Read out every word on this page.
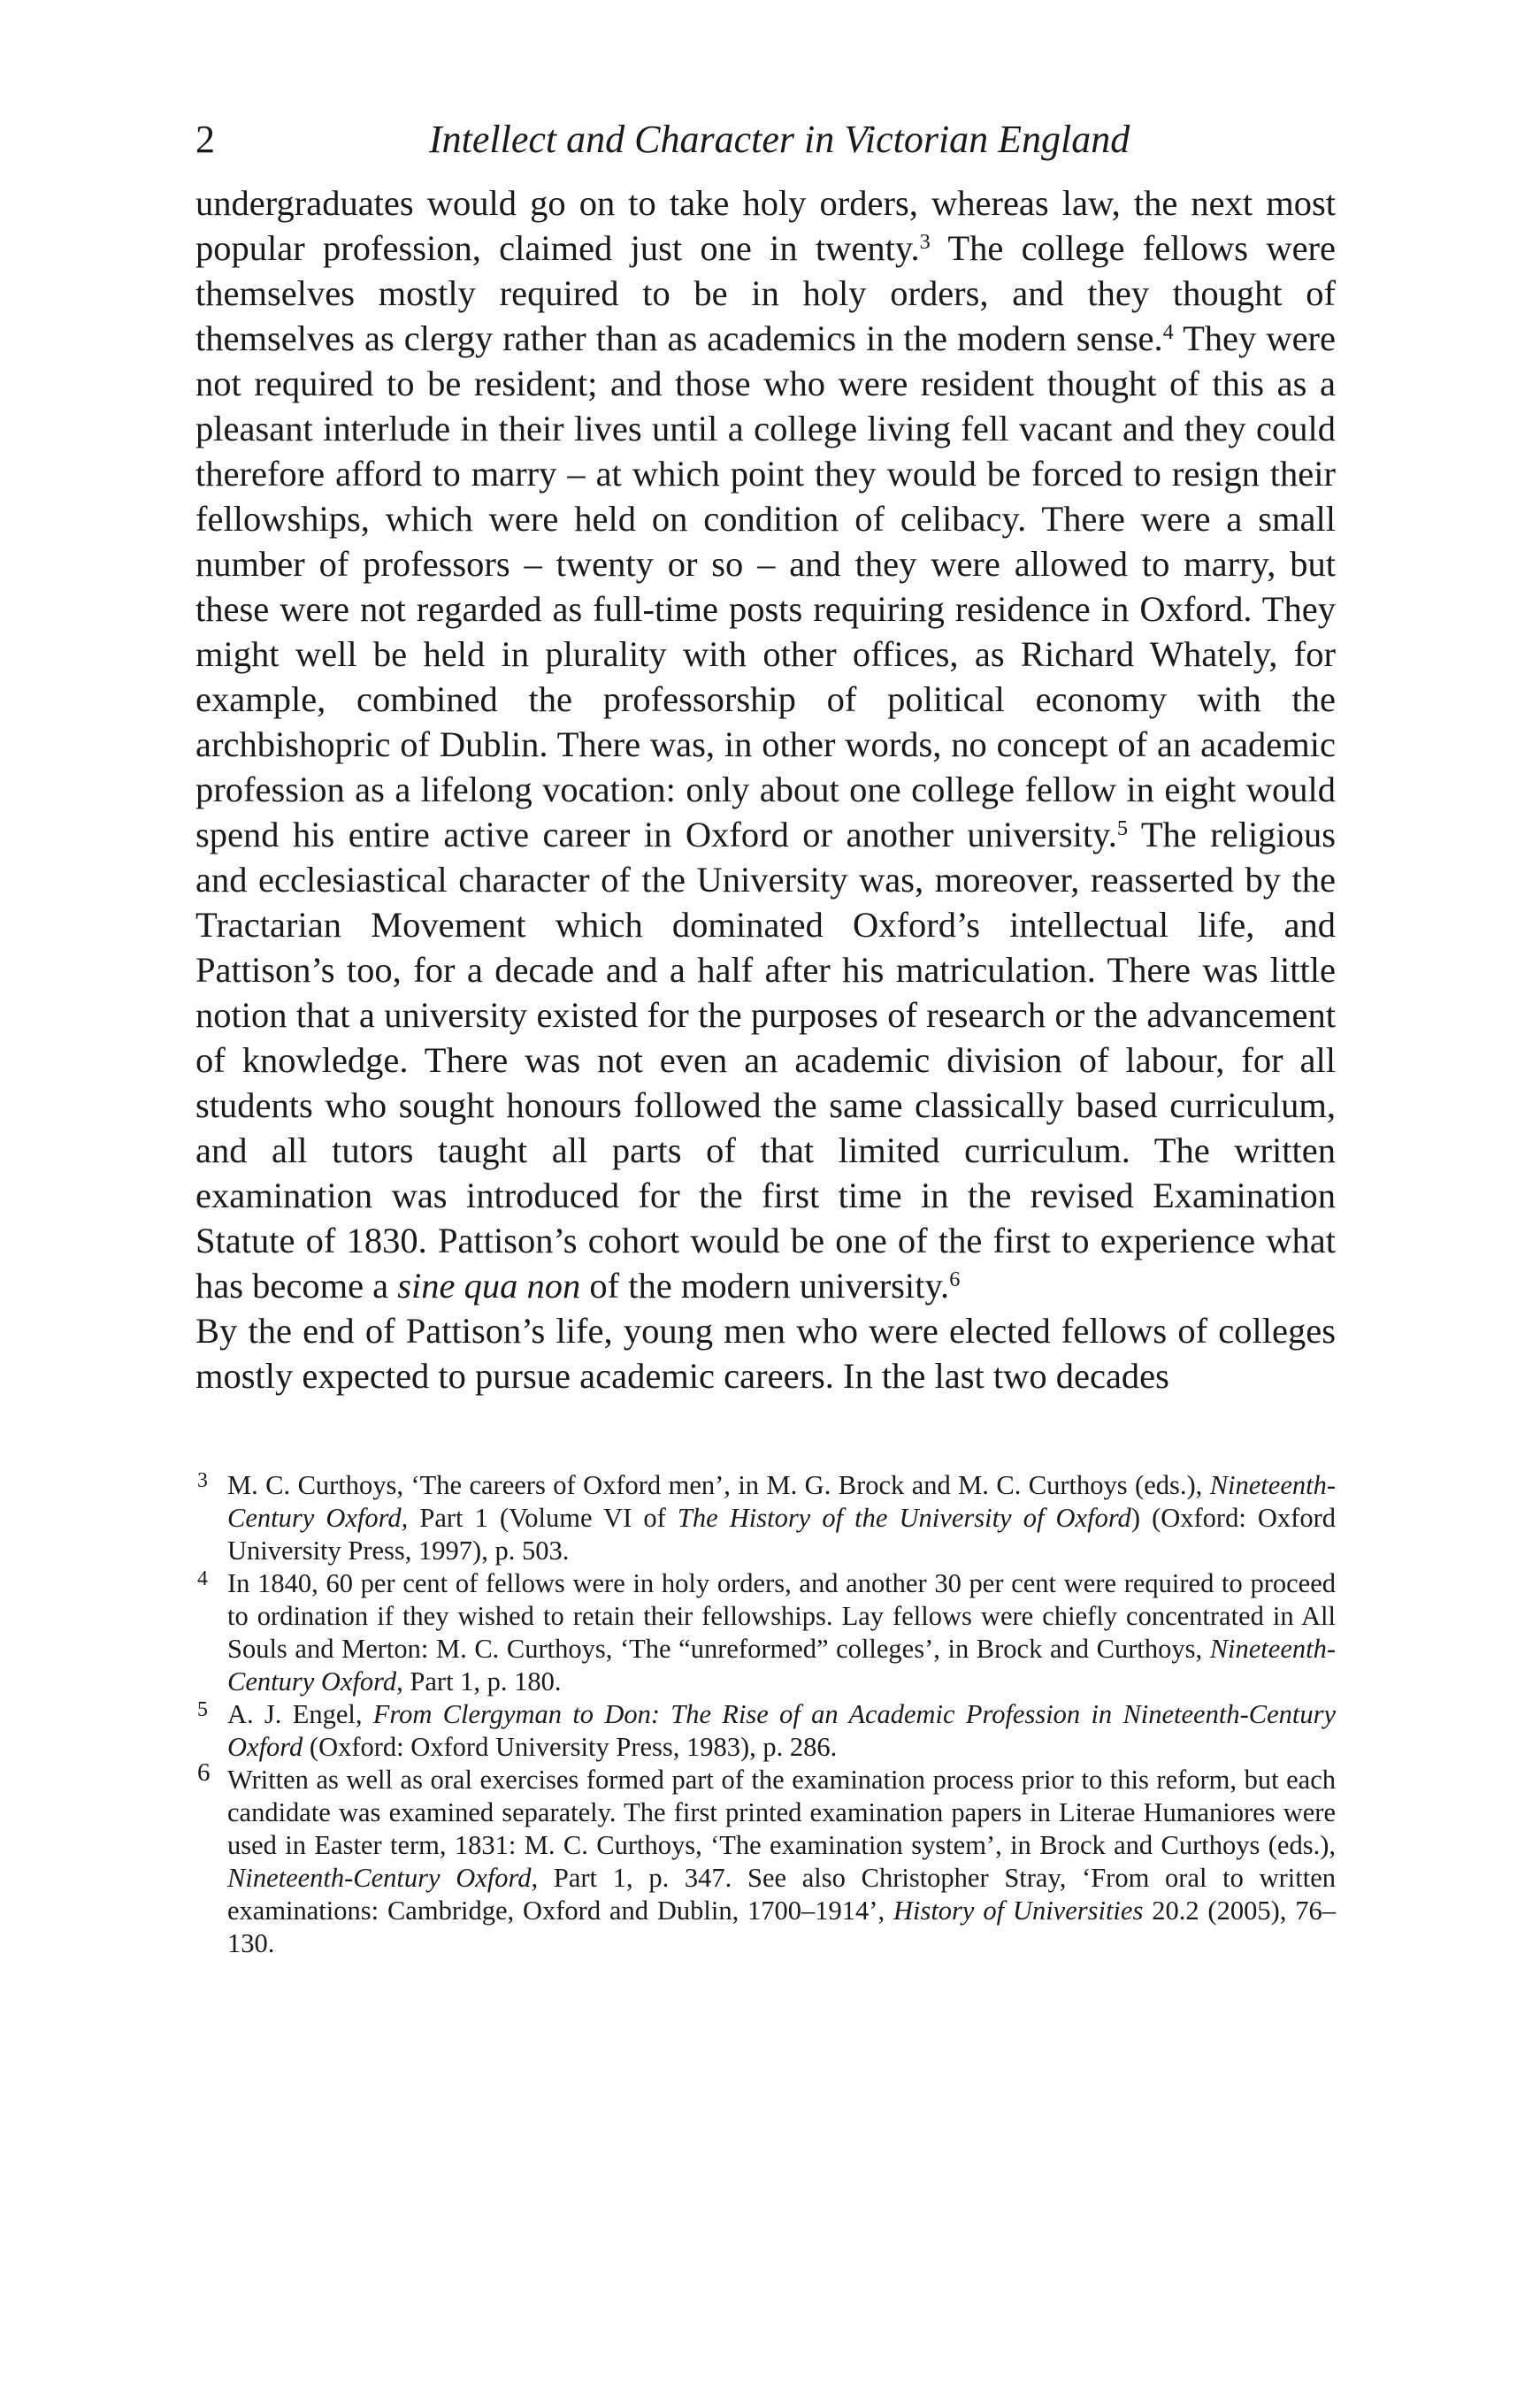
2	Intellect and Character in Victorian England

undergraduates would go on to take holy orders, whereas law, the next most popular profession, claimed just one in twenty.$^3$ The college fellows were themselves mostly required to be in holy orders, and they thought of themselves as clergy rather than as academics in the modern sense.$^4$ They were not required to be resident; and those who were resident thought of this as a pleasant interlude in their lives until a college living fell vacant and they could therefore afford to marry – at which point they would be forced to resign their fellowships, which were held on condition of celibacy. There were a small number of professors – twenty or so – and they were allowed to marry, but these were not regarded as full-time posts requiring residence in Oxford. They might well be held in plurality with other offices, as Richard Whately, for example, combined the professorship of political economy with the archbishopric of Dublin. There was, in other words, no concept of an academic profession as a lifelong vocation: only about one college fellow in eight would spend his entire active career in Oxford or another university.$^5$ The religious and ecclesiastical character of the University was, moreover, reasserted by the Tractarian Movement which dominated Oxford’s intellectual life, and Pattison’s too, for a decade and a half after his matriculation. There was little notion that a university existed for the purposes of research or the advancement of knowledge. There was not even an academic division of labour, for all students who sought honours followed the same classically based curriculum, and all tutors taught all parts of that limited curriculum. The written examination was introduced for the first time in the revised Examination Statute of 1830. Pattison’s cohort would be one of the first to experience what has become a sine qua non of the modern university.$^6$

By the end of Pattison’s life, young men who were elected fellows of colleges mostly expected to pursue academic careers. In the last two decades

3 M. C. Curthoys, ‘The careers of Oxford men’, in M. G. Brock and M. C. Curthoys (eds.), Nineteenth-Century Oxford, Part 1 (Volume VI of The History of the University of Oxford) (Oxford: Oxford University Press, 1997), p. 503.
4 In 1840, 60 per cent of fellows were in holy orders, and another 30 per cent were required to proceed to ordination if they wished to retain their fellowships. Lay fellows were chiefly concentrated in All Souls and Merton: M. C. Curthoys, ‘The “unreformed” colleges’, in Brock and Curthoys, Nineteenth-Century Oxford, Part 1, p. 180.
5 A. J. Engel, From Clergyman to Don: The Rise of an Academic Profession in Nineteenth-Century Oxford (Oxford: Oxford University Press, 1983), p. 286.
6 Written as well as oral exercises formed part of the examination process prior to this reform, but each candidate was examined separately. The first printed examination papers in Literae Humaniores were used in Easter term, 1831: M. C. Curthoys, ‘The examination system’, in Brock and Curthoys (eds.), Nineteenth-Century Oxford, Part 1, p. 347. See also Christopher Stray, ‘From oral to written examinations: Cambridge, Oxford and Dublin, 1700–1914’, History of Universities 20.2 (2005), 76–130.
